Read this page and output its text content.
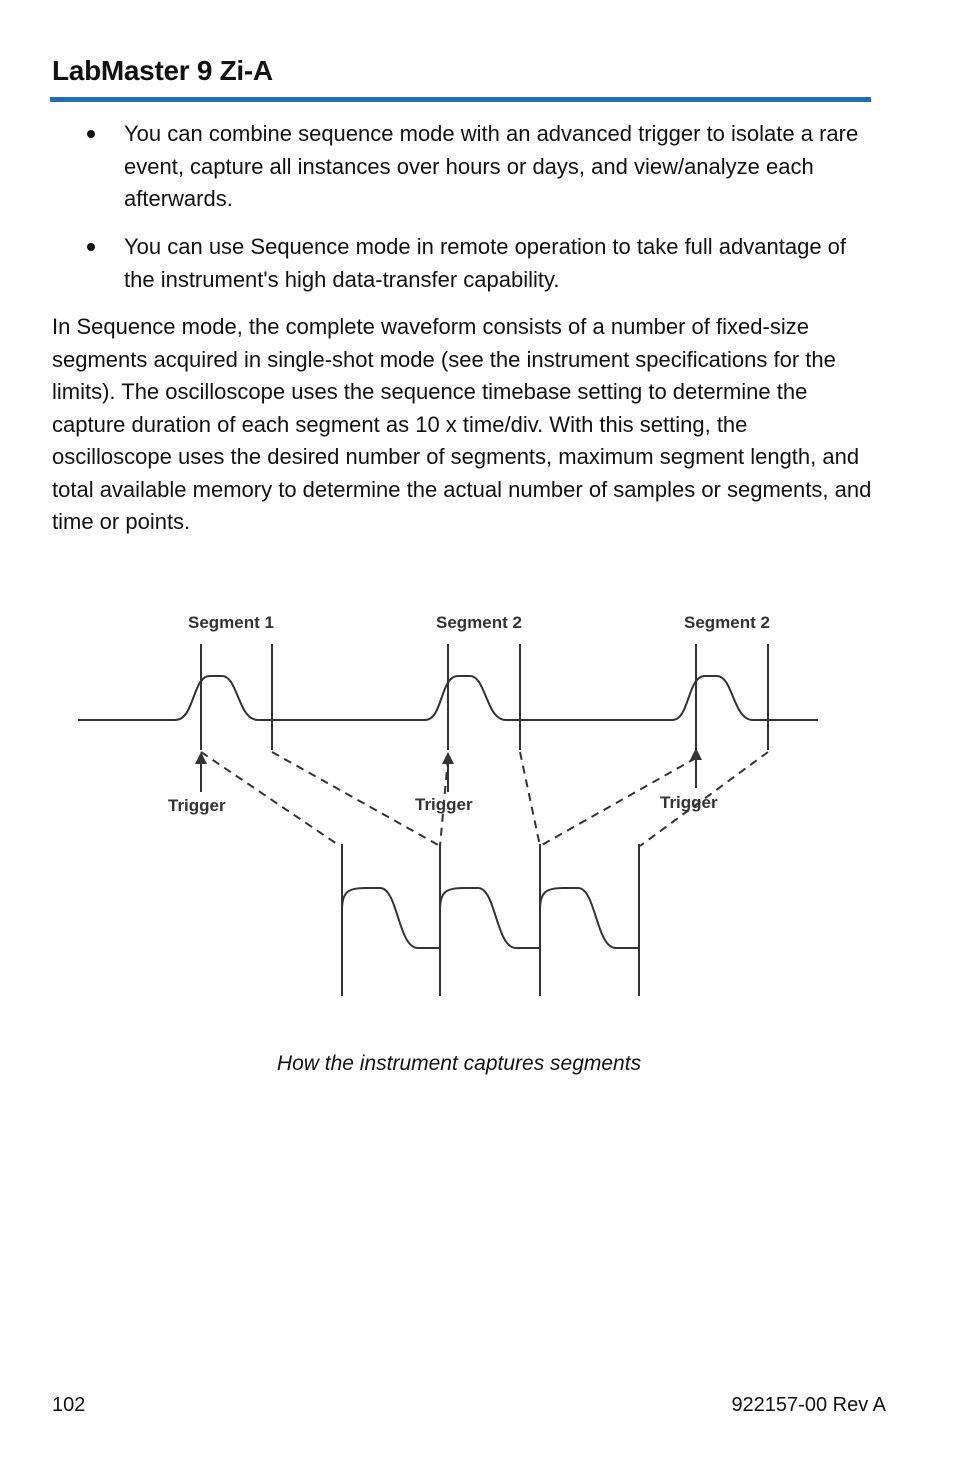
LabMaster 9 Zi-A
You can combine sequence mode with an advanced trigger to isolate a rare event, capture all instances over hours or days, and view/analyze each afterwards.
You can use Sequence mode in remote operation to take full advantage of the instrument's high data-transfer capability.
In Sequence mode, the complete waveform consists of a number of fixed-size segments acquired in single-shot mode (see the instrument specifications for the limits). The oscilloscope uses the sequence timebase setting to determine the capture duration of each segment as 10 x time/div. With this setting, the oscilloscope uses the desired number of segments, maximum segment length, and total available memory to determine the actual number of samples or segments, and time or points.
Segment 1	Segment 2	Segment 2
Trigger	Trigger	Trigger
How the instrument captures segments
102	922157-00 Rev A
